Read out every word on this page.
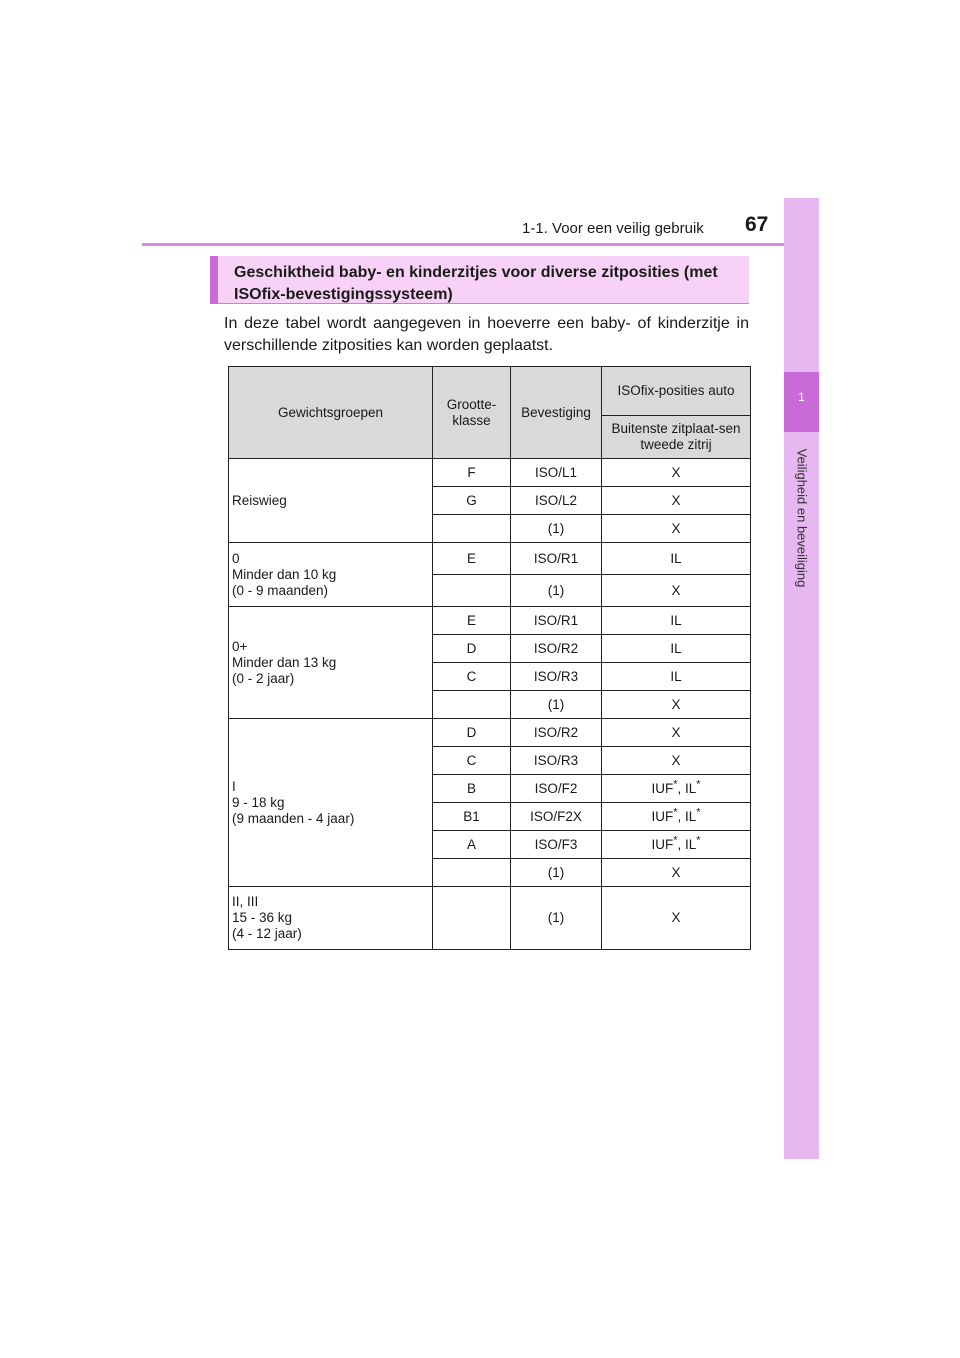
1-1. Voor een veilig gebruik 67
1
Veiligheid en beveiliging
Geschiktheid baby- en kinderzitjes voor diverse zitposities (met ISOfix-bevestigingssysteem)
In deze tabel wordt aangegeven in hoeverre een baby- of kinderzitje in verschillende zitposities kan worden geplaatst.
Gewichtsgroepen	Grootte-klasse	Bevestiging	ISOfix-posities auto
			Buitenste zitplaat-sen tweede zitrij
Reiswieg	F	ISO/L1	X
	G	ISO/L2	X
		(1)	X
0
Minder dan 10 kg
(0 - 9 maanden)	E	ISO/R1	IL
		(1)	X
0+
Minder dan 13 kg
(0 - 2 jaar)	E	ISO/R1	IL
	D	ISO/R2	IL
	C	ISO/R3	IL
		(1)	X
I
9 - 18 kg
(9 maanden - 4 jaar)	D	ISO/R2	X
	C	ISO/R3	X
	B	ISO/F2	IUF*, IL*
	B1	ISO/F2X	IUF*, IL*
	A	ISO/F3	IUF*, IL*
		(1)	X
II, III
15 - 36 kg
(4 - 12 jaar)		(1)	X
